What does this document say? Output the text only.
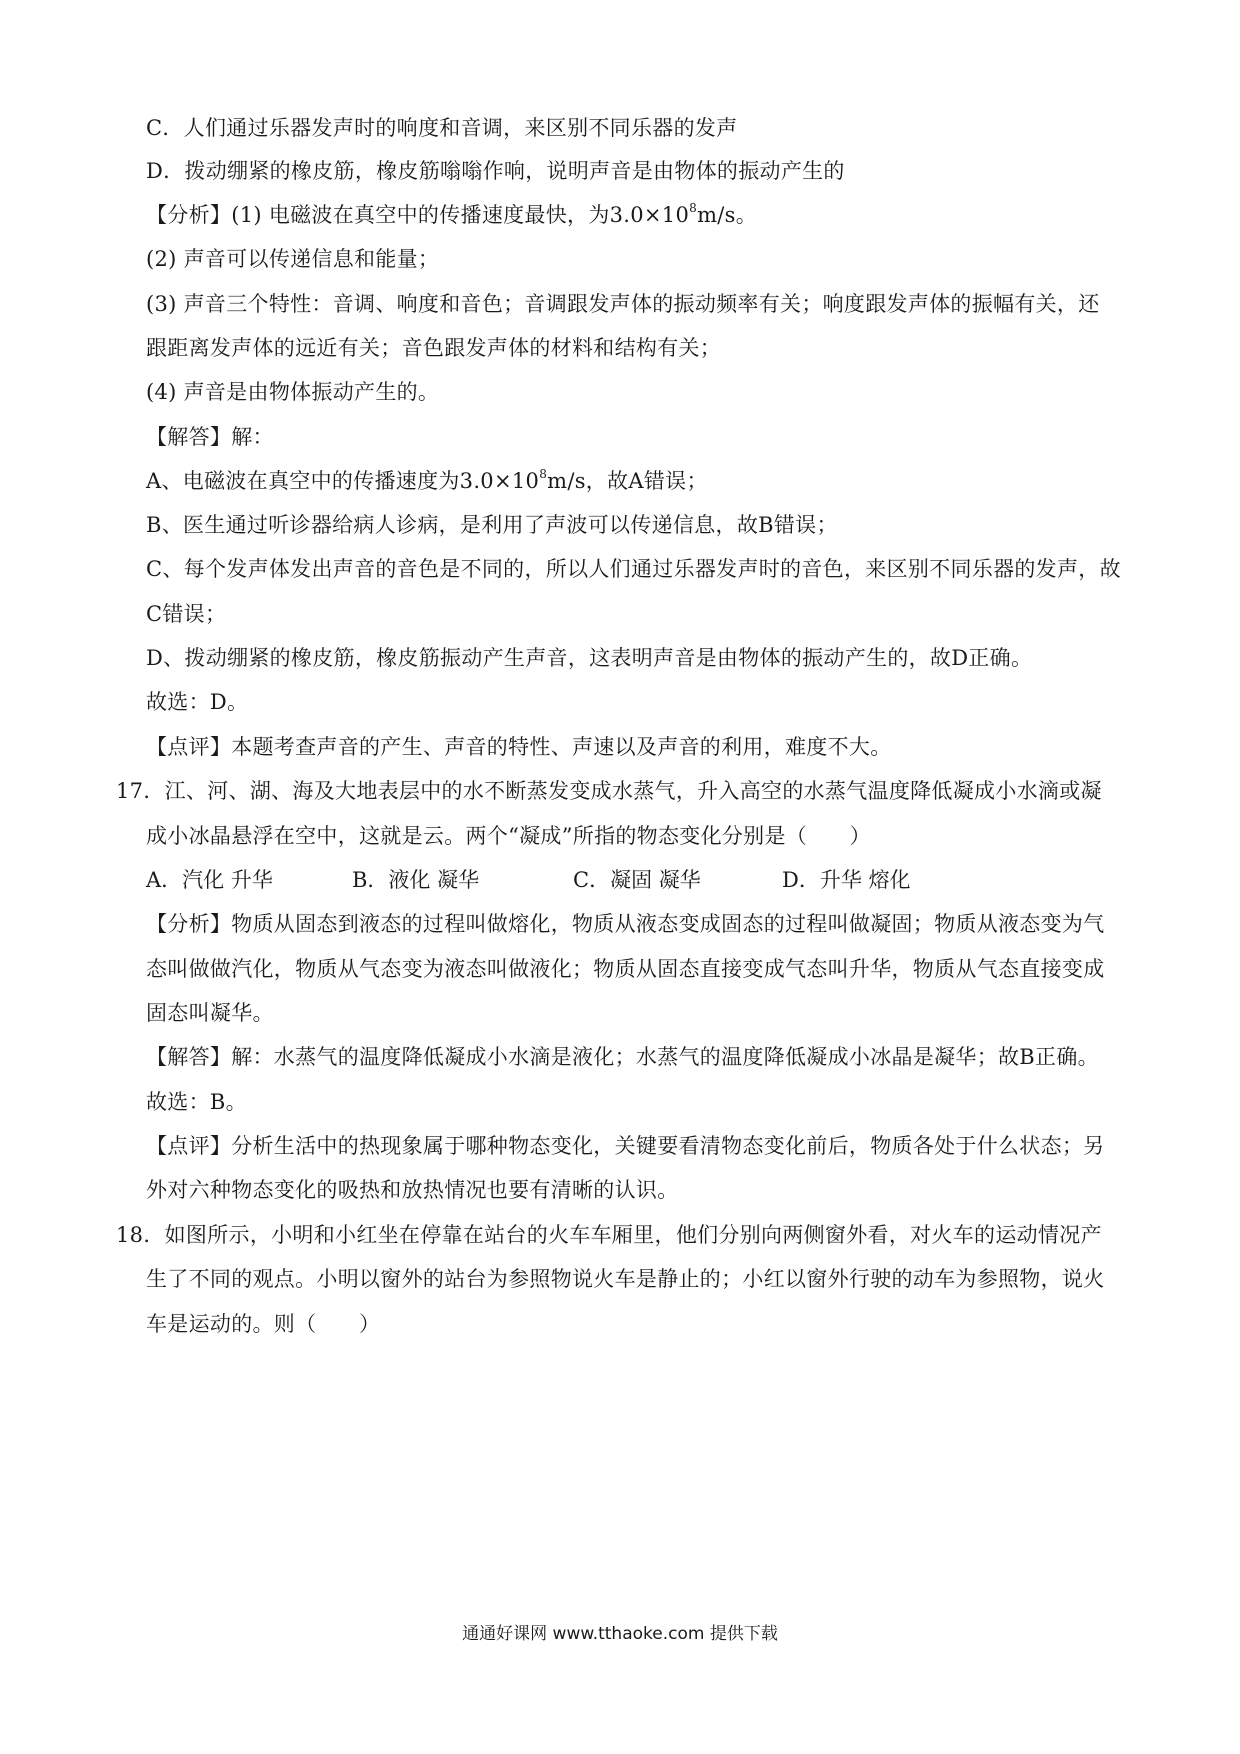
C．人们通过乐器发声时的响度和音调，来区别不同乐器的发声
D．拨动绷紧的橡皮筋，橡皮筋嗡嗡作响，说明声音是由物体的振动产生的
【分析】(1) 电磁波在真空中的传播速度最快，为$3.0\times 10^8m/s$。
(2) 声音可以传递信息和能量；
(3) 声音三个特性：音调、响度和音色；音调跟发声体的振动频率有关；响度跟发声体的振幅有关，还
跟距离发声体的远近有关；音色跟发声体的材料和结构有关；
(4) 声音是由物体振动产生的。
【解答】解：
A、电磁波在真空中的传播速度为$3.0\times 10^8m/s$，故A错误；
B、医生通过听诊器给病人诊病，是利用了声波可以传递信息，故B错误；
C、每个发声体发出声音的音色是不同的，所以人们通过乐器发声时的音色，来区别不同乐器的发声，故
C错误；
D、拨动绷紧的橡皮筋，橡皮筋振动产生声音，这表明声音是由物体的振动产生的，故D正确。
故选：D。
【点评】本题考查声音的产生、声音的特性、声速以及声音的利用，难度不大。
17．江、河、湖、海及大地表层中的水不断蒸发变成水蒸气，升入高空的水蒸气温度降低凝成小水滴或凝
成小冰晶悬浮在空中，这就是云。两个“凝成”所指的物态变化分别是（　　）
A．汽化 升华	B．液化 凝华	C．凝固 凝华	D．升华 熔化
【分析】物质从固态到液态的过程叫做熔化，物质从液态变成固态的过程叫做凝固；物质从液态变为气
态叫做做汽化，物质从气态变为液态叫做液化；物质从固态直接变成气态叫升华，物质从气态直接变成
固态叫凝华。
【解答】解：水蒸气的温度降低凝成小水滴是液化；水蒸气的温度降低凝成小冰晶是凝华；故B正确。
故选：B。
【点评】分析生活中的热现象属于哪种物态变化，关键要看清物态变化前后，物质各处于什么状态；另
外对六种物态变化的吸热和放热情况也要有清晰的认识。
18．如图所示，小明和小红坐在停靠在站台的火车车厢里，他们分别向两侧窗外看，对火车的运动情况产
生了不同的观点。小明以窗外的站台为参照物说火车是静止的；小红以窗外行驶的动车为参照物，说火
车是运动的。则（　　）
通通好课网 www.tthaoke.com 提供下载
